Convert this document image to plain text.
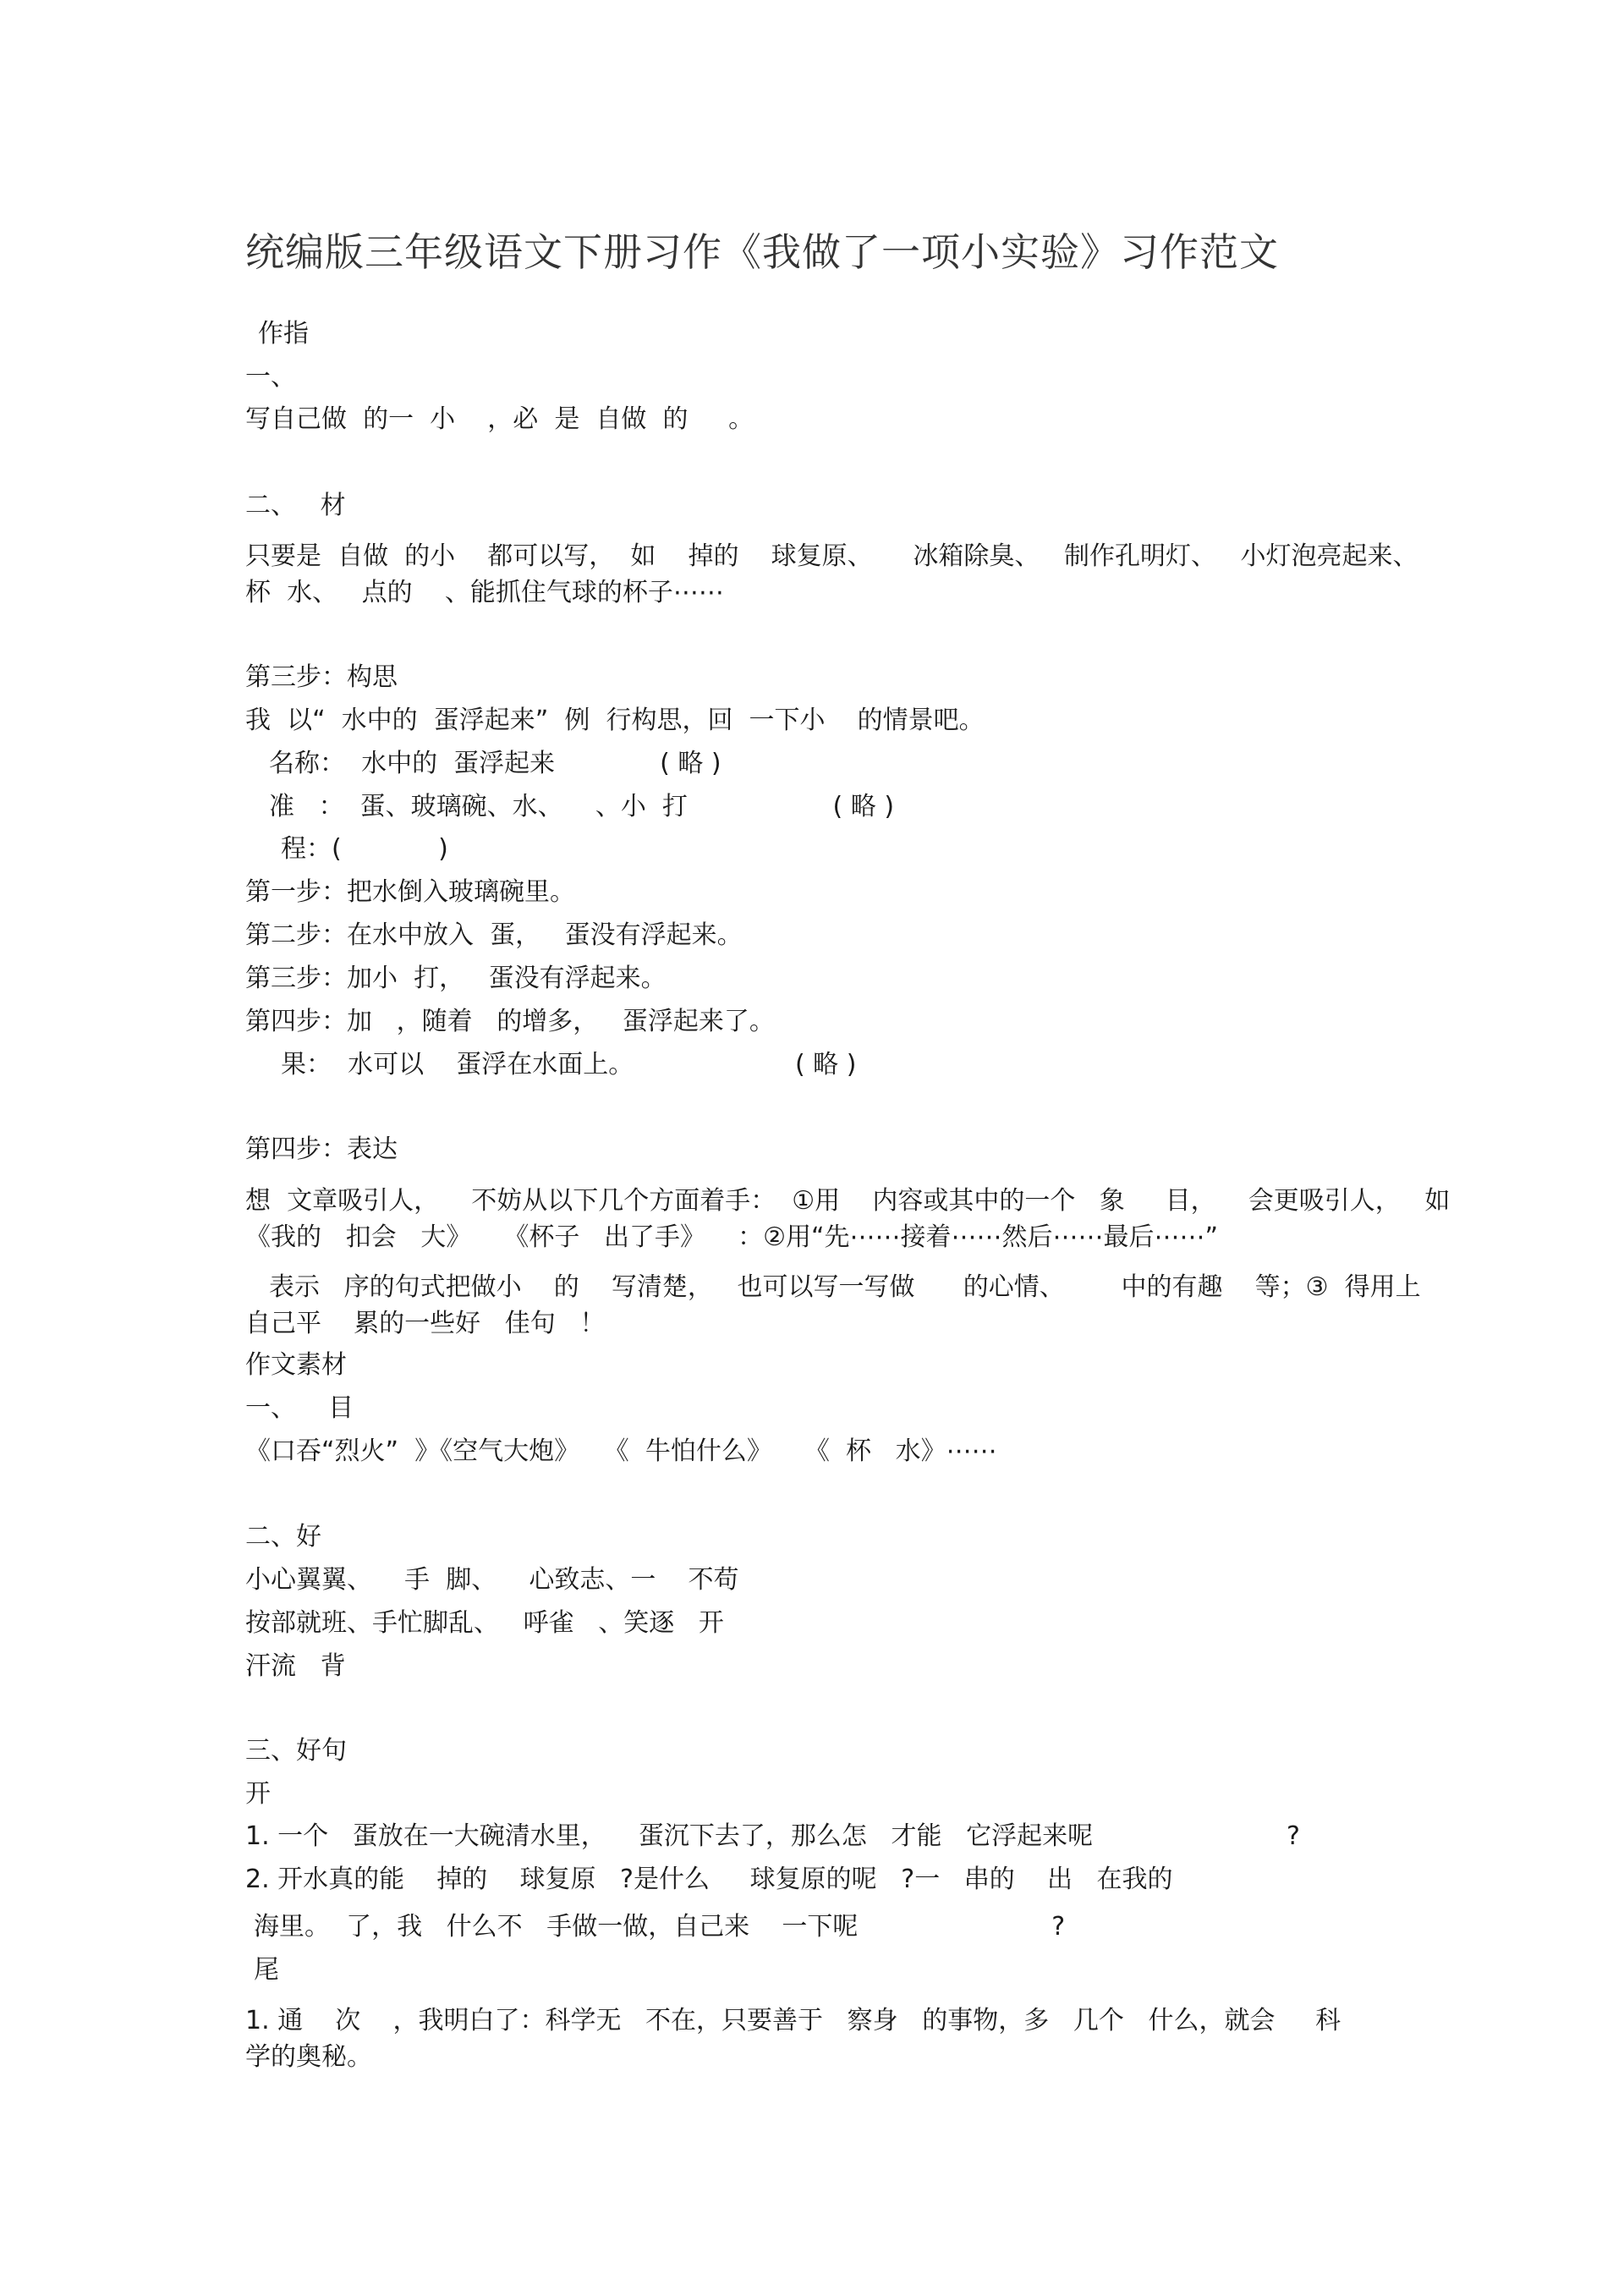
统编版三年级语文下册习作《我做了一项小实验》习作范文
作指
一、
写自己做  的一  小    ，必  是  自做  的     。
二、   材
只要是  自做  的小    都可以写，  如    掉的    球复原、     冰箱除臭、   制作孔明灯、   小灯泡亮起来、
杯  水、   点的    、能抓住气球的杯子⋯⋯
第三步：构思
我  以“  水中的  蛋浮起来”  例  行构思，回  一下小    的情景吧。
名称：  水中的  蛋浮起来             ( 略 )
准   ：  蛋、玻璃碗、水、    、小  打                  ( 略 )
程：(            )
第一步：把水倒入玻璃碗里。
第二步：在水中放入  蛋，   蛋没有浮起来。
第三步：加小  打，   蛋没有浮起来。
第四步：加   ，随着   的增多，   蛋浮起来了。
果：  水可以    蛋浮在水面上。                    ( 略 )
第四步：表达
想  文章吸引人，    不妨从以下几个方面着手：  ①用    内容或其中的一个   象     目，    会更吸引人，   如
《我的   扣会   大》    《杯子   出了手》    ：②用“先⋯⋯接着⋯⋯然后⋯⋯最后⋯⋯”
表示   序的句式把做小    的    写清楚，   也可以写一写做      的心情、       中的有趣    等；③  得用上
自己平    累的一些好   佳句   ！
作文素材
一、    目
《口吞“烈火”  》《空气大炮》   《  牛怕什么》    《  杯   水》⋯⋯
二、好
小心翼翼、    手  脚、    心致志、一    不苟
按部就班、手忙脚乱、   呼雀   、笑逐   开
汗流   背
三、好句
开
1. 一个   蛋放在一大碗清水里，    蛋沉下去了，那么怎   才能   它浮起来呢                        ?
2. 开水真的能    掉的    球复原   ?是什么     球复原的呢   ?一   串的    出   在我的
海里。  了，我   什么不   手做一做，自己来    一下呢                        ?
尾
1. 通    次    ，我明白了：科学无   不在，只要善于   察身   的事物，多   几个   什么，就会     科
学的奥秘。
